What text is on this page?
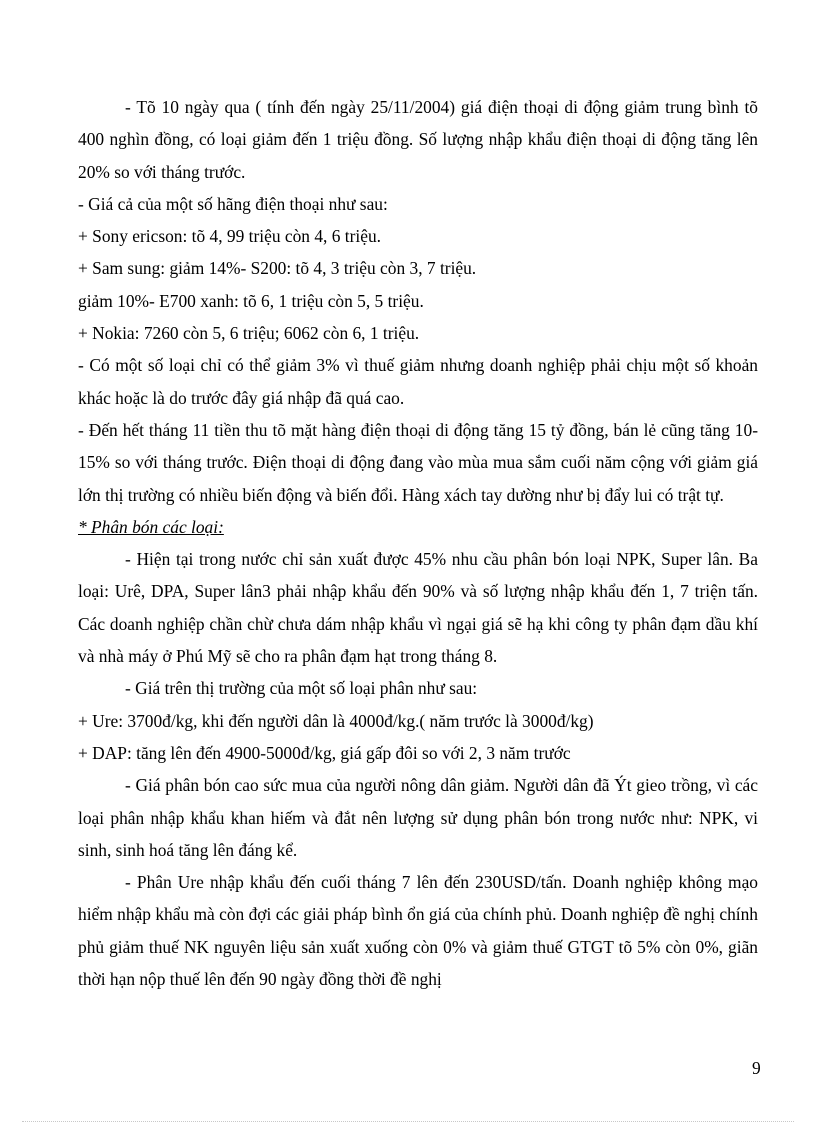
- Tõ 10 ngày qua ( tính đến ngày 25/11/2004) giá điện thoại di động giảm trung bình tõ 400 nghìn đồng, có loại giảm đến 1 triệu đồng. Số lượng nhập khẩu điện thoại di động tăng lên 20% so với tháng trước.

- Giá cả của một số hãng điện thoại như sau:

+ Sony ericson: tõ 4, 99 triệu còn 4, 6 triệu.

+ Sam sung: giảm 14%- S200: tõ 4, 3 triệu còn 3, 7 triệu.

giảm 10%- E700 xanh: tõ 6, 1 triệu còn 5, 5 triệu.

+ Nokia: 7260 còn 5, 6 triệu; 6062 còn 6, 1 triệu.

- Có một số loại chỉ có thể giảm 3% vì thuế giảm nhưng doanh nghiệp phải chịu một số khoản khác hoặc là do trước đây giá nhập đã quá cao.

- Đến hết tháng 11 tiền thu tõ mặt hàng điện thoại di động tăng 15 tỷ đồng, bán lẻ cũng tăng 10- 15% so với tháng trước. Điện thoại di động đang vào mùa mua sắm cuối năm cộng với giảm giá lớn thị trường có nhiều biến động và biến đổi. Hàng xách tay dường như bị đẩy lui có trật tự.

* Phân bón các loại:

- Hiện tại trong nước chỉ sản xuất được 45% nhu cầu phân bón loại NPK, Super lân. Ba loại: Urê, DPA, Super lân3 phải nhập khẩu đến 90% và số lượng nhập khẩu đến 1, 7 triện tấn. Các doanh nghiệp chần chừ chưa dám nhập khẩu vì ngại giá sẽ hạ khi công ty phân đạm dầu khí và nhà máy ở Phú Mỹ sẽ cho ra phân đạm hạt trong tháng 8.

- Giá trên thị trường của một số loại phân như sau:

+ Ure: 3700đ/kg, khi đến người dân là 4000đ/kg.( năm trước là 3000đ/kg)

+ DAP: tăng lên đến 4900-5000đ/kg, giá gấp đôi so với 2, 3 năm trước

- Giá phân bón cao sức mua của người nông dân giảm. Người dân đã Ýt gieo trồng, vì các loại phân nhập khẩu khan hiếm và đắt nên lượng sử dụng phân bón trong nước như: NPK, vi sinh, sinh hoá tăng lên đáng kể.

- Phân Ure nhập khẩu đến cuối tháng 7 lên đến 230USD/tấn. Doanh nghiệp không mạo hiểm nhập khẩu mà còn đợi các giải pháp bình ổn giá của chính phủ. Doanh nghiệp đề nghị chính phủ giảm thuế NK nguyên liệu sản xuất xuống còn 0% và giảm thuế GTGT tõ 5% còn 0%, giãn thời hạn nộp thuế lên đến 90 ngày đồng thời đề nghị

9
